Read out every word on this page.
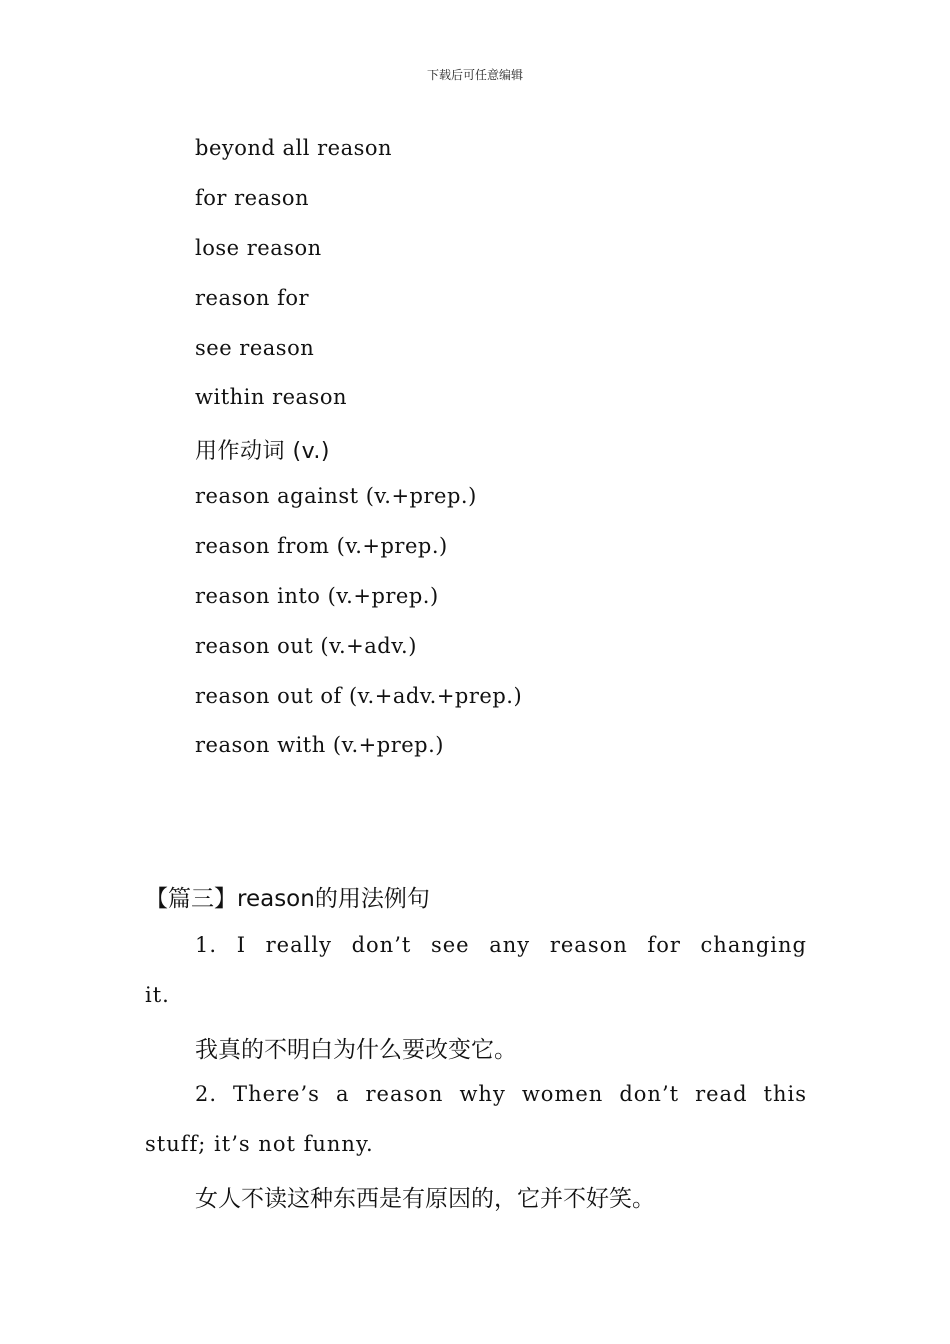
下载后可任意编辑
beyond all reason
for reason
lose reason
reason for
see reason
within reason
用作动词 (v.)
reason against (v.+prep.)
reason from (v.+prep.)
reason into (v.+prep.)
reason out (v.+adv.)
reason out of (v.+adv.+prep.)
reason with (v.+prep.)
【篇三】reason的用法例句
1. I really don’t see any reason for changing
it.
我真的不明白为什么要改变它。
2. There’s a reason why women don’t read this
stuff; it’s not funny.
女人不读这种东西是有原因的，它并不好笑。
